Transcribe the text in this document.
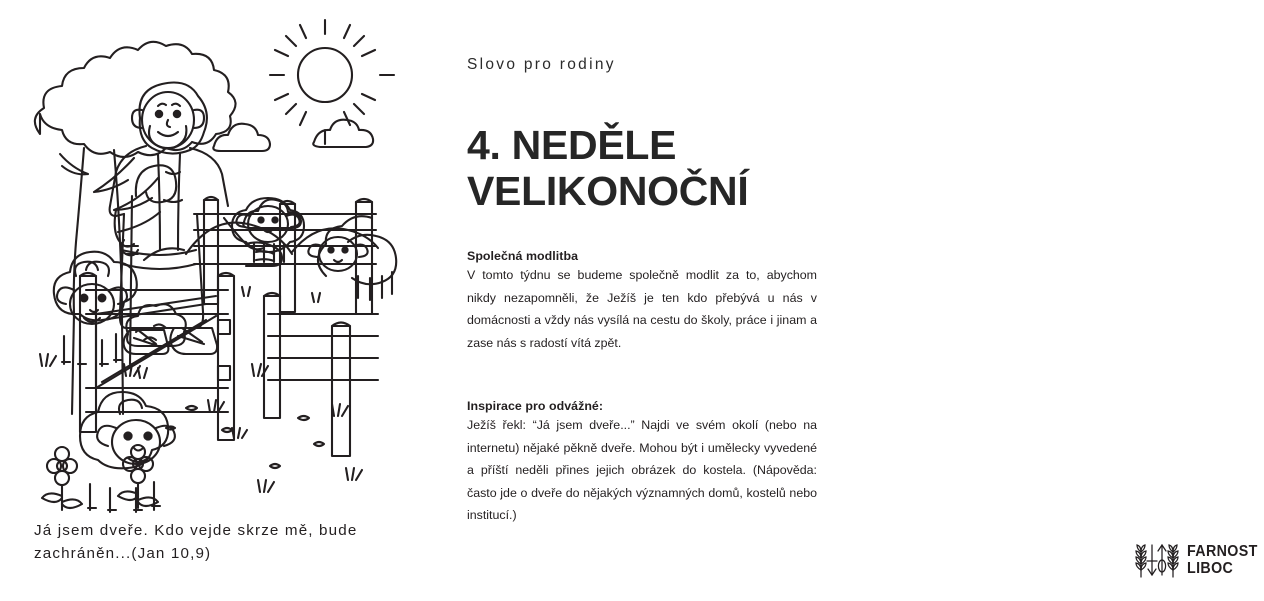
Já jsem dveře. Kdo vejde skrze mě, bude zachráněn...(Jan 10,9)
Slovo pro rodiny
4. NEDĚLE
VELIKONOČNÍ
Společná modlitba

V tomto týdnu se budeme společně modlit za to, abychom nikdy nezapomněli, že Ježíš je ten kdo přebývá u nás v domácnosti a vždy nás vysílá na cestu do školy, práce i jinam a zase nás s radostí vítá zpět.

Inspirace pro odvážné:

Ježíš řekl: “Já jsem dveře...” Najdi ve svém okolí (nebo na internetu) nějaké pěkně dveře. Mohou být i umělecky vyvedené a příští neděli přines jejich obrázek do kostela. (Nápověda: často jde o dveře do nějakých významných domů, kostelů nebo institucí.)

FARNOST
LIBOC
